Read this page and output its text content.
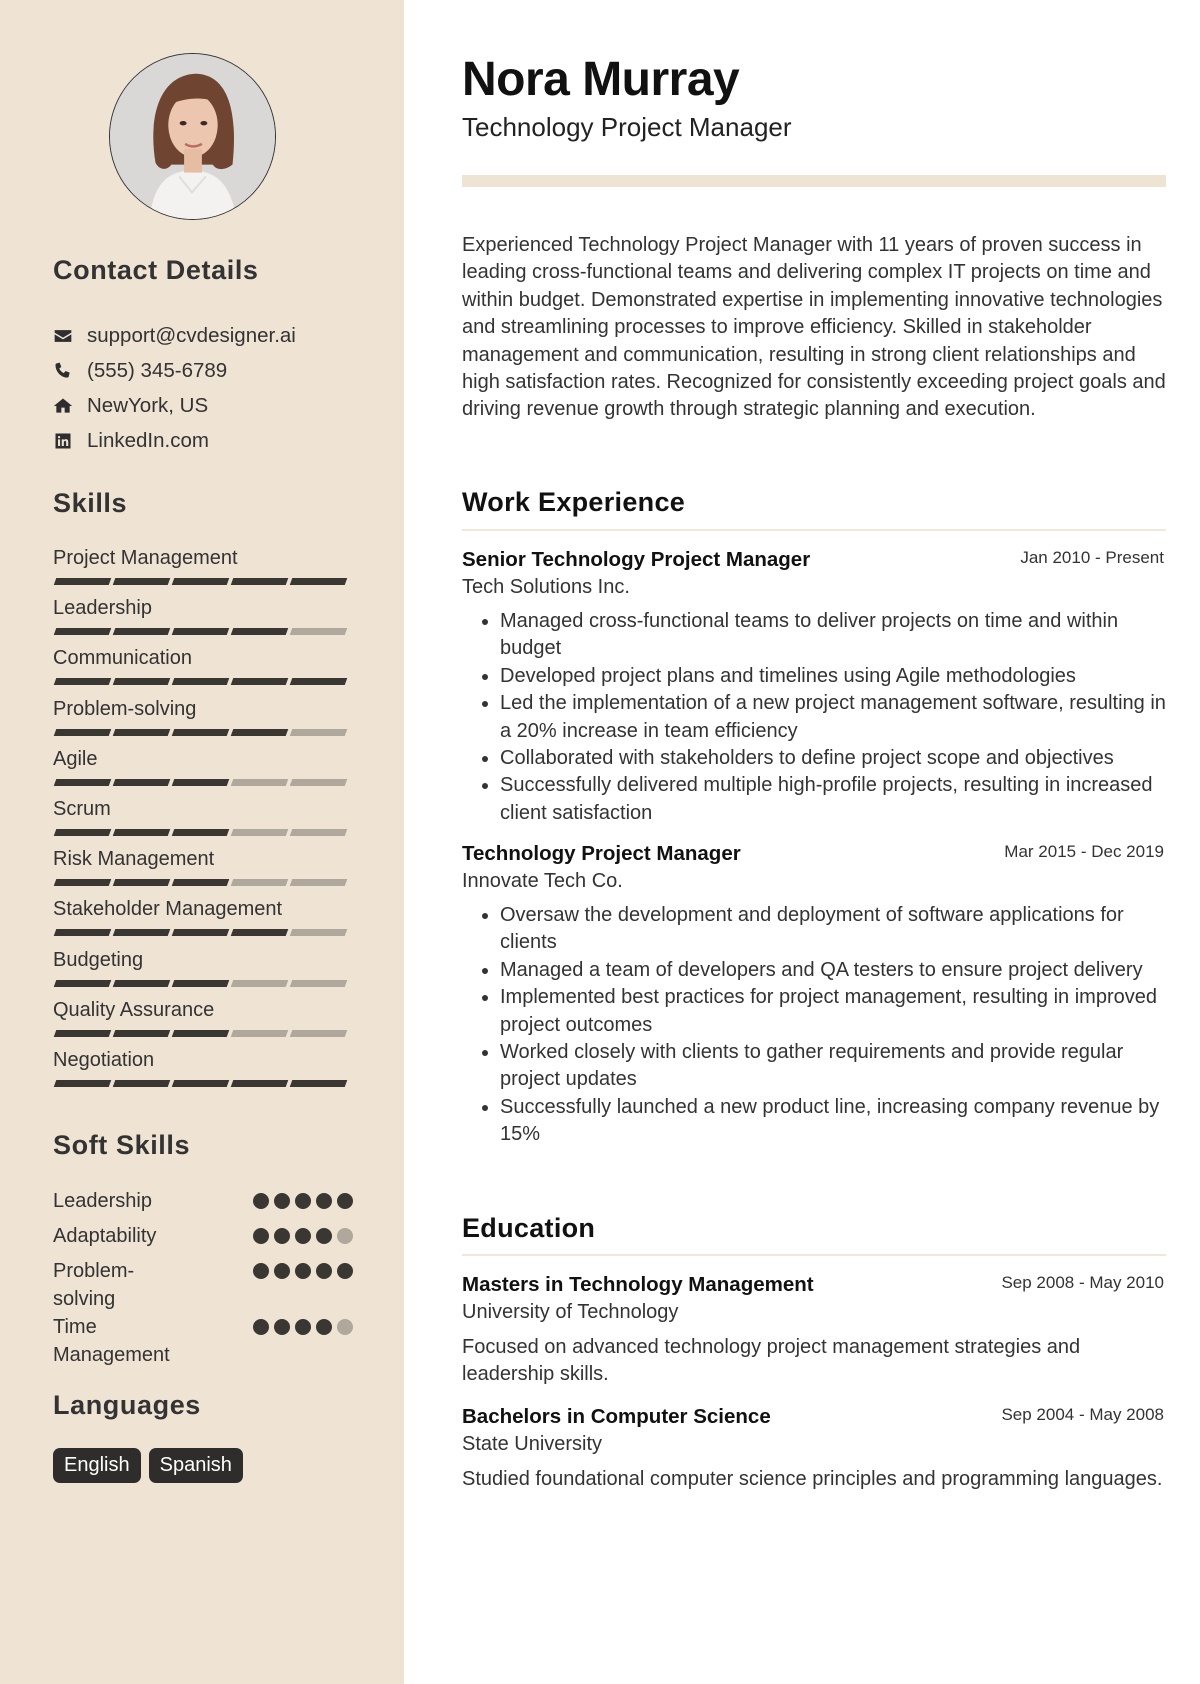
Contact Details
support@cvdesigner.ai
(555) 345-6789
NewYork, US
LinkedIn.com
Skills
Project Management
Leadership
Communication
Problem-solving
Agile
Scrum
Risk Management
Stakeholder Management
Budgeting
Quality Assurance
Negotiation
Soft Skills
Leadership
Adaptability
Problem-solving
Time Management
Languages
English	Spanish
Nora Murray
Technology Project Manager

Experienced Technology Project Manager with 11 years of proven success in leading cross-functional teams and delivering complex IT projects on time and within budget. Demonstrated expertise in implementing innovative technologies and streamlining processes to improve efficiency. Skilled in stakeholder management and communication, resulting in strong client relationships and high satisfaction rates. Recognized for consistently exceeding project goals and driving revenue growth through strategic planning and execution.

Work Experience
Senior Technology Project Manager	Jan 2010 - Present
Tech Solutions Inc.
• Managed cross-functional teams to deliver projects on time and within budget
• Developed project plans and timelines using Agile methodologies
• Led the implementation of a new project management software, resulting in a 20% increase in team efficiency
• Collaborated with stakeholders to define project scope and objectives
• Successfully delivered multiple high-profile projects, resulting in increased client satisfaction
Technology Project Manager	Mar 2015 - Dec 2019
Innovate Tech Co.
• Oversaw the development and deployment of software applications for clients
• Managed a team of developers and QA testers to ensure project delivery
• Implemented best practices for project management, resulting in improved project outcomes
• Worked closely with clients to gather requirements and provide regular project updates
• Successfully launched a new product line, increasing company revenue by 15%
Education
Masters in Technology Management	Sep 2008 - May 2010
University of Technology
Focused on advanced technology project management strategies and leadership skills.
Bachelors in Computer Science	Sep 2004 - May 2008
State University
Studied foundational computer science principles and programming languages.
